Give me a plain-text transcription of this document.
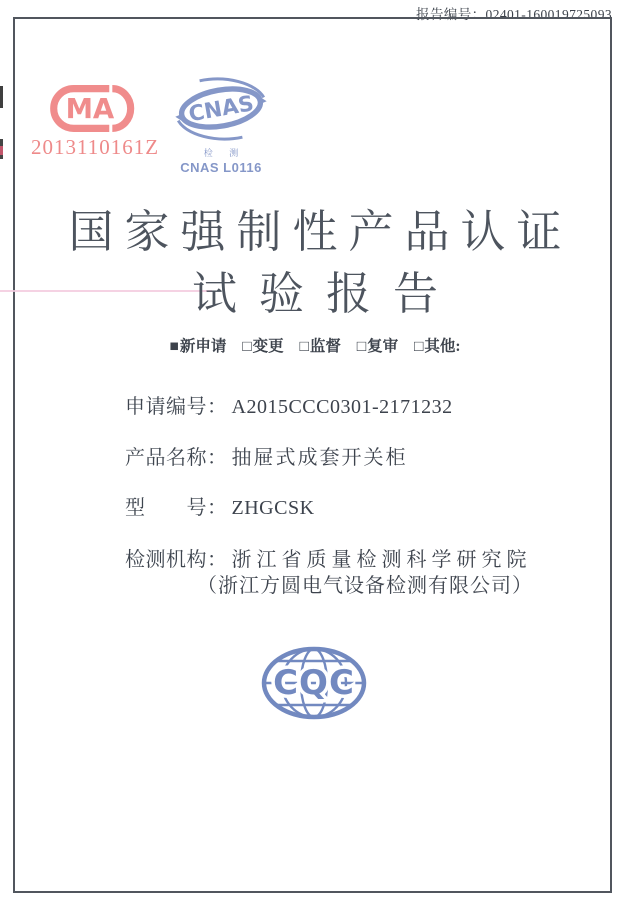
报告编号：02401-160019725093
MA
2013110161Z
CNAS
检 测
CNAS L0116
国家强制性产品认证
试验报告
■新申请 □变更 □监督 □复审 □其他:
申请编号： A2015CCC0301-2171232
产品名称： 抽屉式成套开关柜
型　　号： ZHGCSK
检测机构： 浙江省质量检测科学研究院
（浙江方圆电气设备检测有限公司）
CQC
